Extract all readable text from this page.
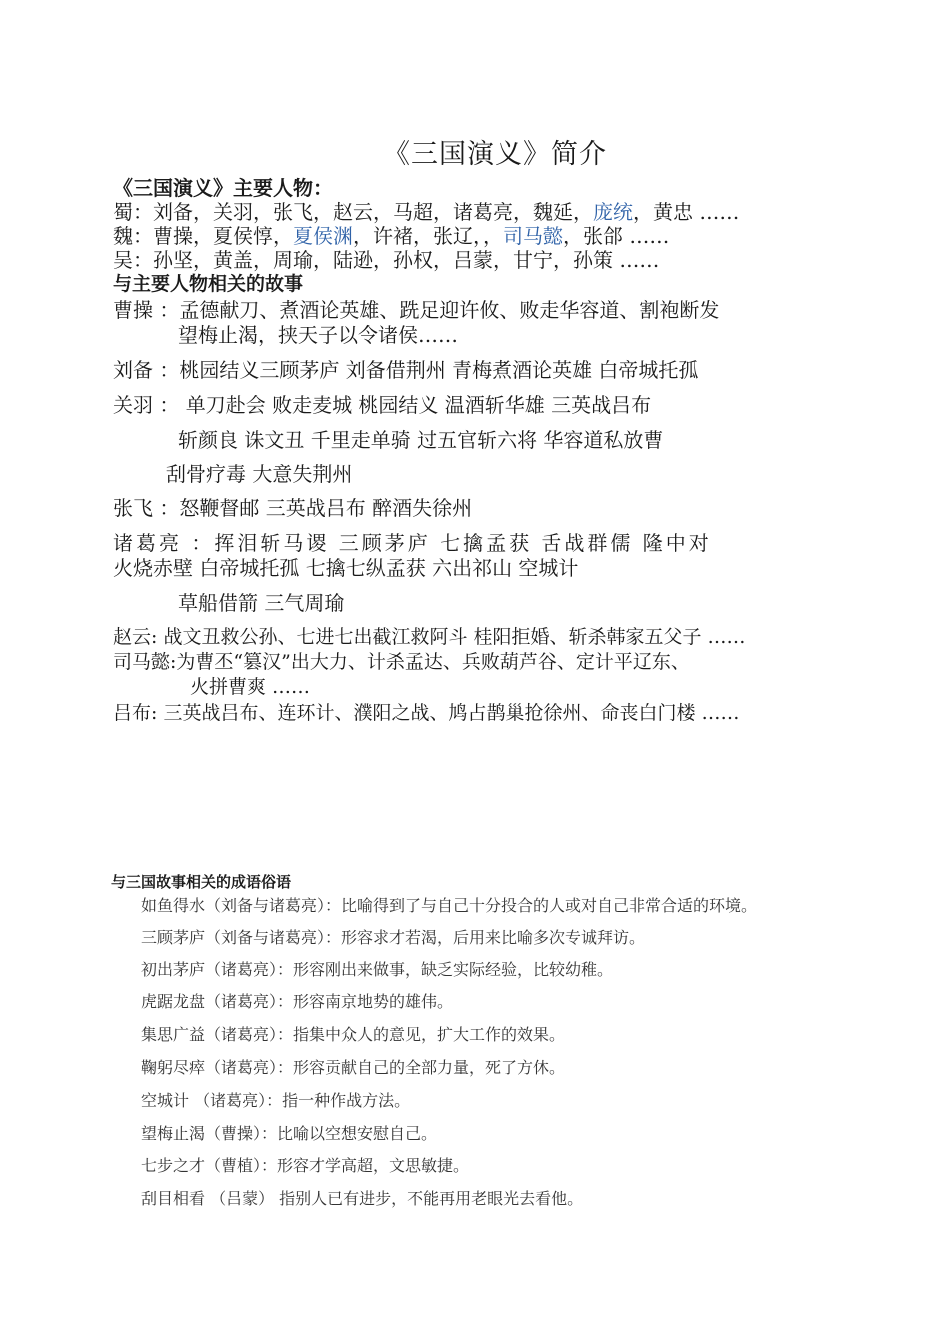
《三国演义》简介
《三国演义》主要人物：
蜀：刘备，关羽，张飞，赵云，马超，诸葛亮，魏延，庞统，黄忠 ……
魏：曹操，夏侯惇，夏侯渊，许褚，张辽，，司马懿，张郃 ……
吴：孙坚，黄盖，周瑜，陆逊，孙权，吕蒙，甘宁，孙策 ……
与主要人物相关的故事
曹操 ：孟德献刀、煮酒论英雄、跣足迎许攸、败走华容道、割袍断发
望梅止渴，挟天子以令诸侯……
刘备 ：桃园结义三顾茅庐 刘备借荆州 青梅煮酒论英雄 白帝城托孤
关羽 ： 单刀赴会 败走麦城 桃园结义 温酒斩华雄 三英战吕布
斩颜良 诛文丑 千里走单骑 过五官斩六将 华容道私放曹
刮骨疗毒 大意失荆州
张飞 ：怒鞭督邮 三英战吕布 醉酒失徐州
诸葛亮 ：挥泪斩马谡 三顾茅庐 七擒孟获 舌战群儒 隆中对
火烧赤壁 白帝城托孤 七擒七纵孟获 六出祁山 空城计
草船借箭 三气周瑜
赵云: 战文丑救公孙、七进七出截江救阿斗 桂阳拒婚、斩杀韩家五父子 ……
司马懿:为曹丕“篡汉”出大力、计杀孟达、兵败葫芦谷、定计平辽东、
火拼曹爽 ……
吕布: 三英战吕布、连环计、濮阳之战、鸠占鹊巢抢徐州、命丧白门楼 ……
与三国故事相关的成语俗语
如鱼得水（刘备与诸葛亮）：比喻得到了与自己十分投合的人或对自己非常合适的环境。
三顾茅庐（刘备与诸葛亮）：形容求才若渴，后用来比喻多次专诚拜访。
初出茅庐（诸葛亮）：形容刚出来做事，缺乏实际经验，比较幼稚。
虎踞龙盘（诸葛亮）：形容南京地势的雄伟。
集思广益（诸葛亮）：指集中众人的意见，扩大工作的效果。
鞠躬尽瘁（诸葛亮）：形容贡献自己的全部力量，死了方休。
空城计 （诸葛亮）：指一种作战方法。
望梅止渴（曹操）：比喻以空想安慰自己。
七步之才（曹植）：形容才学高超，文思敏捷。
刮目相看 （吕蒙） 指别人已有进步，不能再用老眼光去看他。
